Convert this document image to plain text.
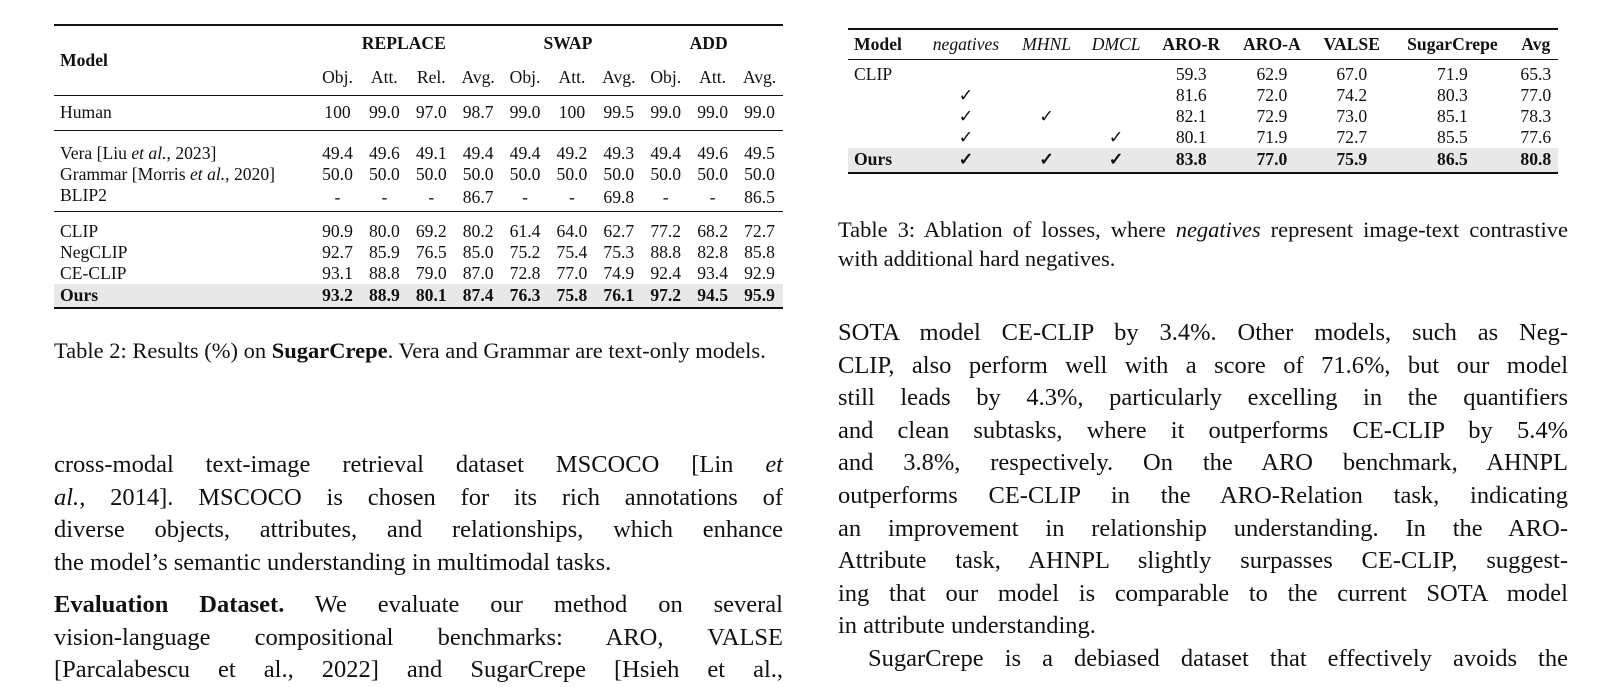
Model	REPLACE				SWAP			ADD		
	Obj.	Att.	Rel.	Avg.	Obj.	Att.	Avg.	Obj.	Att.	Avg.
Human	100	99.0	97.0	98.7	99.0	100	99.5	99.0	99.0	99.0

Vera [Liu et al., 2023]	49.4	49.6	49.1	49.4	49.4	49.2	49.3	49.4	49.6	49.5
Grammar [Morris et al., 2020]	50.0	50.0	50.0	50.0	50.0	50.0	50.0	50.0	50.0	50.0
BLIP2	-	-	-	86.7	-	-	69.8	-	-	86.5

CLIP	90.9	80.0	69.2	80.2	61.4	64.0	62.7	77.2	68.2	72.7
NegCLIP	92.7	85.9	76.5	85.0	75.2	75.4	75.3	88.8	82.8	85.8
CE-CLIP	93.1	88.8	79.0	87.0	72.8	77.0	74.9	92.4	93.4	92.9
Ours	93.2	88.9	80.1	87.4	76.3	75.8	76.1	97.2	94.5	95.9
Table 2: Results (%) on SugarCrepe. Vera and Grammar are text-only models.
cross-modal text-image retrieval dataset MSCOCO [Lin et
al., 2014]. MSCOCO is chosen for its rich annotations of
diverse objects, attributes, and relationships, which enhance
the model’s semantic understanding in multimodal tasks.
Evaluation Dataset. We evaluate our method on several
vision-language compositional benchmarks: ARO, VALSE
[Parcalabescu et al., 2022] and SugarCrepe [Hsieh et al.,
Model	negatives	MHNL	DMCL	ARO-R	ARO-A	VALSE	SugarCrepe	Avg
CLIP				59.3	62.9	67.0	71.9	65.3
	✓			81.6	72.0	74.2	80.3	77.0
	✓	✓		82.1	72.9	73.0	85.1	78.3
	✓		✓	80.1	71.9	72.7	85.5	77.6
Ours	✓	✓	✓	83.8	77.0	75.9	86.5	80.8
Table 3: Ablation of losses, where negatives represent image-text contrastive with additional hard negatives.
SOTA model CE-CLIP by 3.4%. Other models, such as Neg-
CLIP, also perform well with a score of 71.6%, but our model
still leads by 4.3%, particularly excelling in the quantifiers
and clean subtasks, where it outperforms CE-CLIP by 5.4%
and 3.8%, respectively. On the ARO benchmark, AHNPL
outperforms CE-CLIP in the ARO-Relation task, indicating
an improvement in relationship understanding. In the ARO-
Attribute task, AHNPL slightly surpasses CE-CLIP, suggest-
ing that our model is comparable to the current SOTA model
in attribute understanding.
SugarCrepe is a debiased dataset that effectively avoids the
